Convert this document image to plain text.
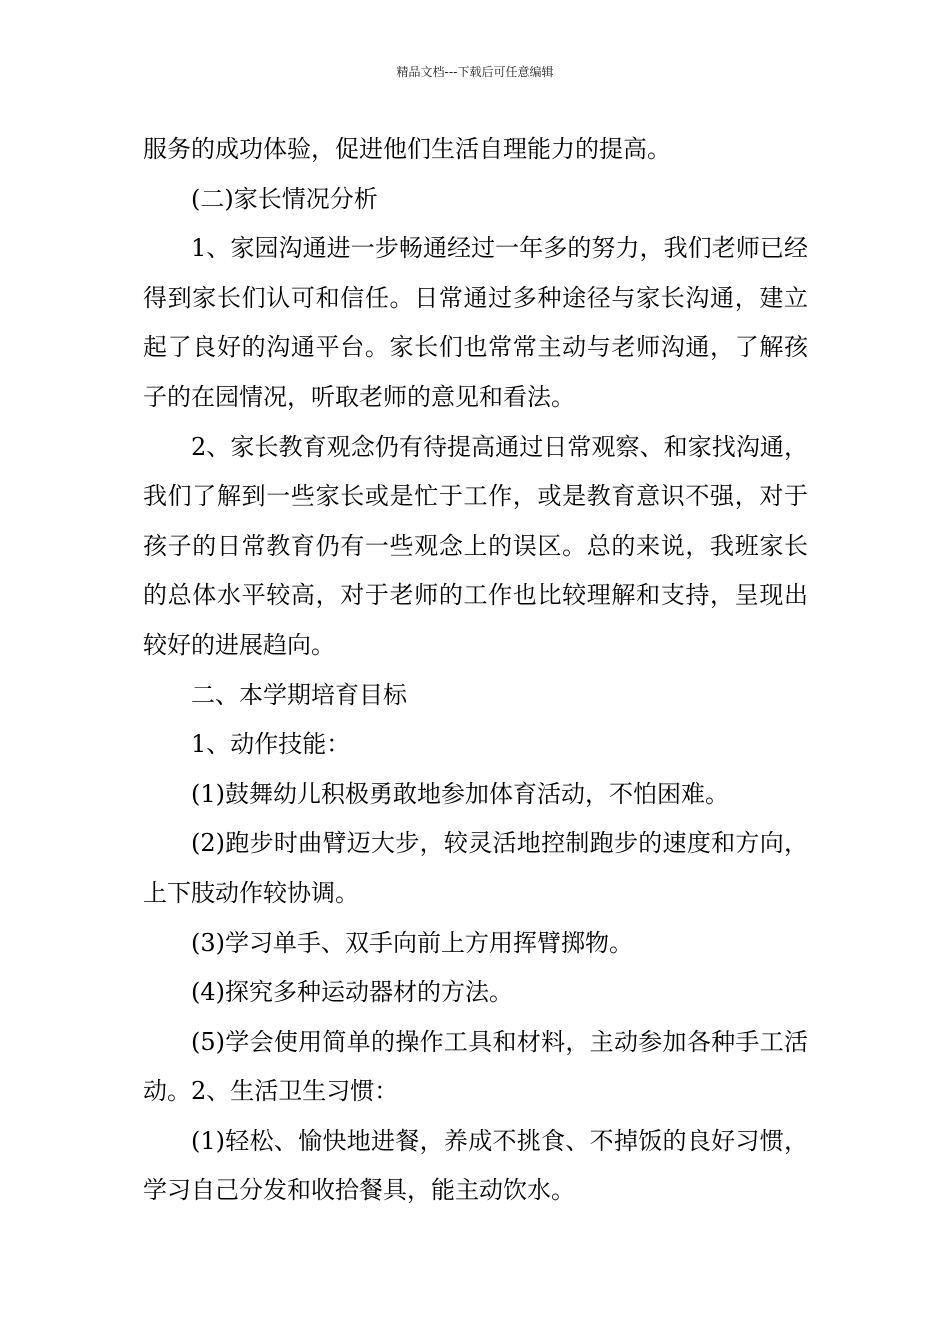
精品文档---下载后可任意编辑

服务的成功体验，促进他们生活自理能力的提高。

(二)家长情况分析

1、家园沟通进一步畅通经过一年多的努力，我们老师已经得到家长们认可和信任。日常通过多种途径与家长沟通，建立起了良好的沟通平台。家长们也常常主动与老师沟通，了解孩子的在园情况，听取老师的意见和看法。

2、家长教育观念仍有待提高通过日常观察、和家找沟通，我们了解到一些家长或是忙于工作，或是教育意识不强，对于孩子的日常教育仍有一些观念上的误区。总的来说，我班家长的总体水平较高，对于老师的工作也比较理解和支持，呈现出较好的进展趋向。

二、本学期培育目标

1、动作技能：

(1)鼓舞幼儿积极勇敢地参加体育活动，不怕困难。

(2)跑步时曲臂迈大步，较灵活地控制跑步的速度和方向，上下肢动作较协调。

(3)学习单手、双手向前上方用挥臂掷物。

(4)探究多种运动器材的方法。

(5)学会使用简单的操作工具和材料，主动参加各种手工活动。2、生活卫生习惯：

(1)轻松、愉快地进餐，养成不挑食、不掉饭的良好习惯，学习自己分发和收拾餐具，能主动饮水。
